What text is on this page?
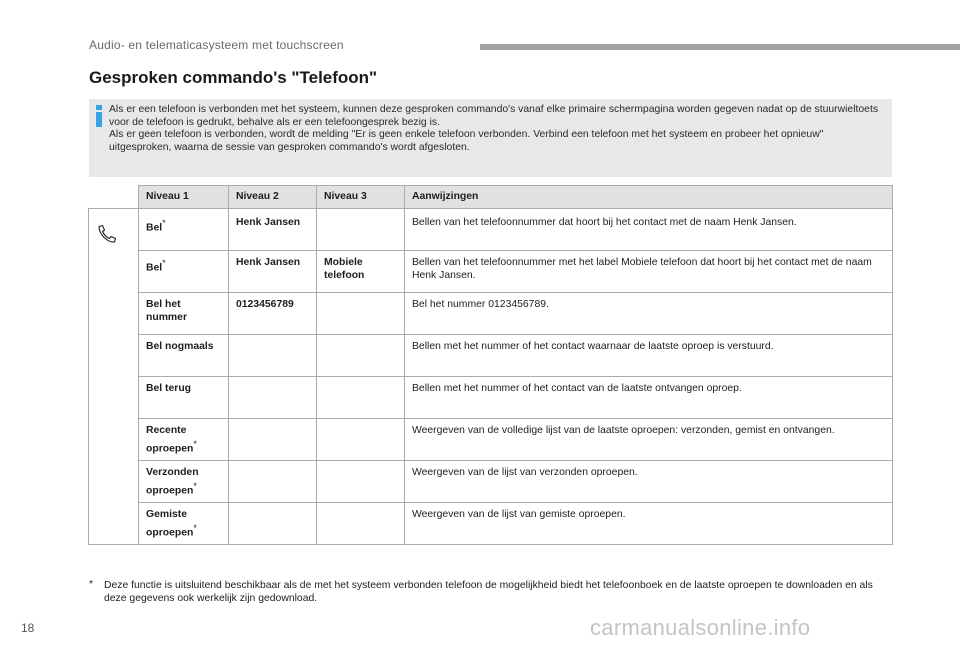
Audio- en telematicasysteem met touchscreen
Gesproken commando's "Telefoon"

Als er een telefoon is verbonden met het systeem, kunnen deze gesproken commando's vanaf elke primaire schermpagina worden gegeven nadat op de stuurwieltoets voor de telefoon is gedrukt, behalve als er een telefoongesprek bezig is.

Als er geen telefoon is verbonden, wordt de melding "Er is geen enkele telefoon verbonden. Verbind een telefoon met het systeem en probeer het opnieuw" uitgesproken, waarna de sessie van gesproken commando's wordt afgesloten.

	Niveau 1	Niveau 2	Niveau 3	Aanwijzingen
	Bel*	Henk Jansen		Bellen van het telefoonnummer dat hoort bij het contact met de naam Henk Jansen.
	Bel*	Henk Jansen	Mobiele telefoon	Bellen van het telefoonnummer met het label Mobiele telefoon dat hoort bij het contact met de naam Henk Jansen.
	Bel het nummer	0123456789		Bel het nummer 0123456789.
	Bel nogmaals			Bellen met het nummer of het contact waarnaar de laatste oproep is verstuurd.
	Bel terug			Bellen met het nummer of het contact van de laatste ontvangen oproep.
	Recente oproepen*			Weergeven van de volledige lijst van de laatste oproepen: verzonden, gemist en ontvangen.
	Verzonden oproepen*			Weergeven van de lijst van verzonden oproepen.
	Gemiste oproepen*			Weergeven van de lijst van gemiste oproepen.
* Deze functie is uitsluitend beschikbaar als de met het systeem verbonden telefoon de mogelijkheid biedt het telefoonboek en de laatste oproepen te downloaden en als deze gegevens ook werkelijk zijn gedownload.
18	carmanualsonline.info
